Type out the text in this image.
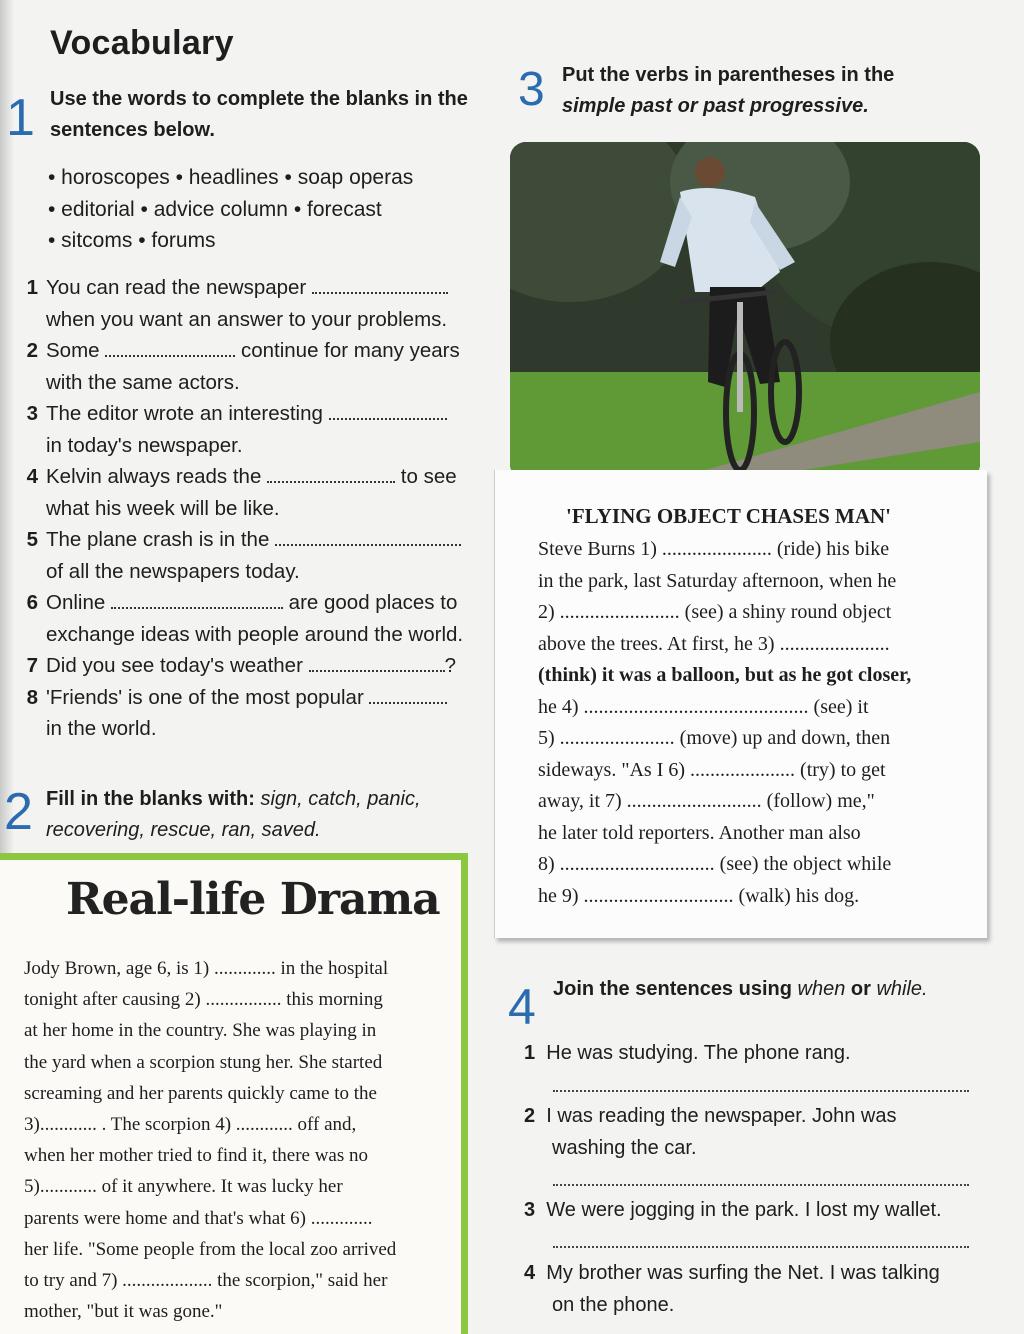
Vocabulary
1 Use the words to complete the blanks in the sentences below.
• horoscopes • headlines • soap operas
• editorial • advice column • forecast
• sitcoms • forums
1 You can read the newspaper
when you want an answer to your problems.
2 Some	continue for many years
with the same actors.
3 The editor wrote an interesting
in today's newspaper.
4 Kelvin always reads the	to see
what his week will be like.
5 The plane crash is in the
of all the newspapers today.
6 Online	are good places to
exchange ideas with people around the world.
7 Did you see today's weather	?
8 'Friends' is one of the most popular
in the world.
2 Fill in the blanks with: sign, catch, panic,
recovering, rescue, ran, saved.
Real-life Drama
Jody Brown, age 6, is 1) ............. in the hospital
tonight after causing 2) ................ this morning
at her home in the country. She was playing in
the yard when a scorpion stung her. She started
screaming and her parents quickly came to the
3)............ . The scorpion 4) ............ off and,
when her mother tried to find it, there was no
5)............ of it anywhere. It was lucky her
parents were home and that's what 6) .............
her life. "Some people from the local zoo arrived
to try and 7) ................... the scorpion," said her
mother, "but it was gone."
3 Put the verbs in parentheses in the
simple past or past progressive.
'FLYING OBJECT CHASES MAN'
Steve Burns 1) ...................... (ride) his bike
in the park, last Saturday afternoon, when he
2) ........................ (see) a shiny round object
above the trees. At first, he 3) ......................
(think) it was a balloon, but as he got closer,
he 4) ............................................. (see) it
5) ....................... (move) up and down, then
sideways. "As I 6) ..................... (try) to get
away, it 7) ........................... (follow) me,"
he later told reporters. Another man also
8) ............................... (see) the object while
he 9) .............................. (walk) his dog.
4 Join the sentences using when or while.
1 He was studying. The phone rang.
2 I was reading the newspaper. John was
washing the car.
3 We were jogging in the park. I lost my wallet.
4 My brother was surfing the Net. I was talking
on the phone.
